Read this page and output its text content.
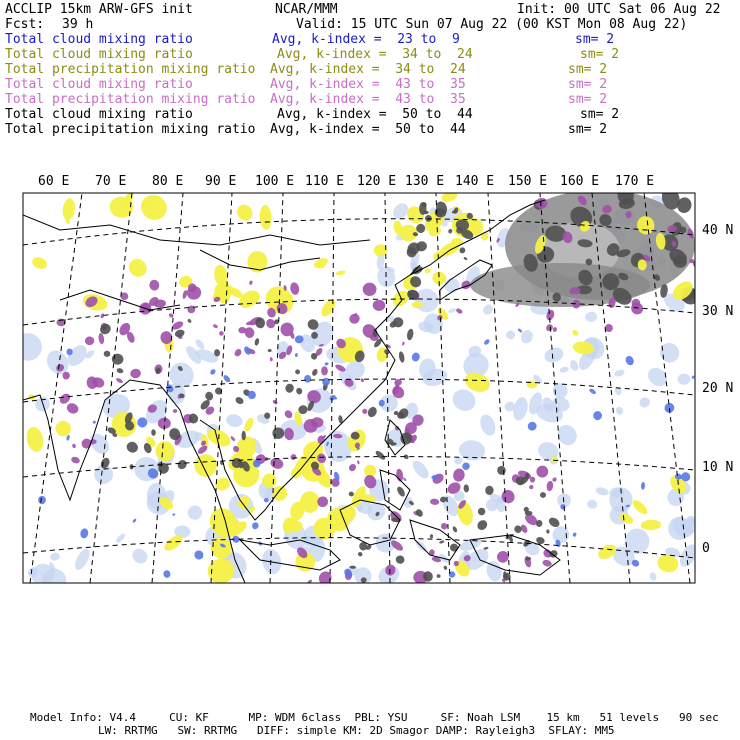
ACCLIP 15km ARW-GFS init	NCAR/MMM	Init: 00 UTC Sat 06 Aug 22
Fcst: 39 h	Valid: 15 UTC Sun 07 Aug 22 (00 KST Mon 08 Aug 22)
Total cloud mixing ratio	Avg, k-index =  23 to  9	sm= 2
Total cloud mixing ratio	Avg, k-index =  34 to  24	sm= 2
Total precipitation mixing ratio Avg, k-index =  34 to  24	sm= 2
Total cloud mixing ratio	Avg, k-index =  43 to  35	sm= 2
Total precipitation mixing ratio Avg, k-index =  43 to  35	sm= 2
Total cloud mixing ratio	Avg, k-index =  50 to  44	sm= 2
Total precipitation mixing ratio Avg, k-index =  50 to  44	sm= 2
60 E 70 E 80 E 90 E 100 E 110 E 120 E 130 E 140 E 150 E 160 E 170 E
40 N
30 N
20 N
10 N
0
Model Info: V4.4     CU: KF      MP: WDM 6class  PBL: YSU     SF: Noah LSM    15 km   51 levels   90 sec
LW: RRTMG   SW: RRTMG   DIFF: simple KM: 2D Smagor DAMP: Rayleigh3  SFLAY: MM5
